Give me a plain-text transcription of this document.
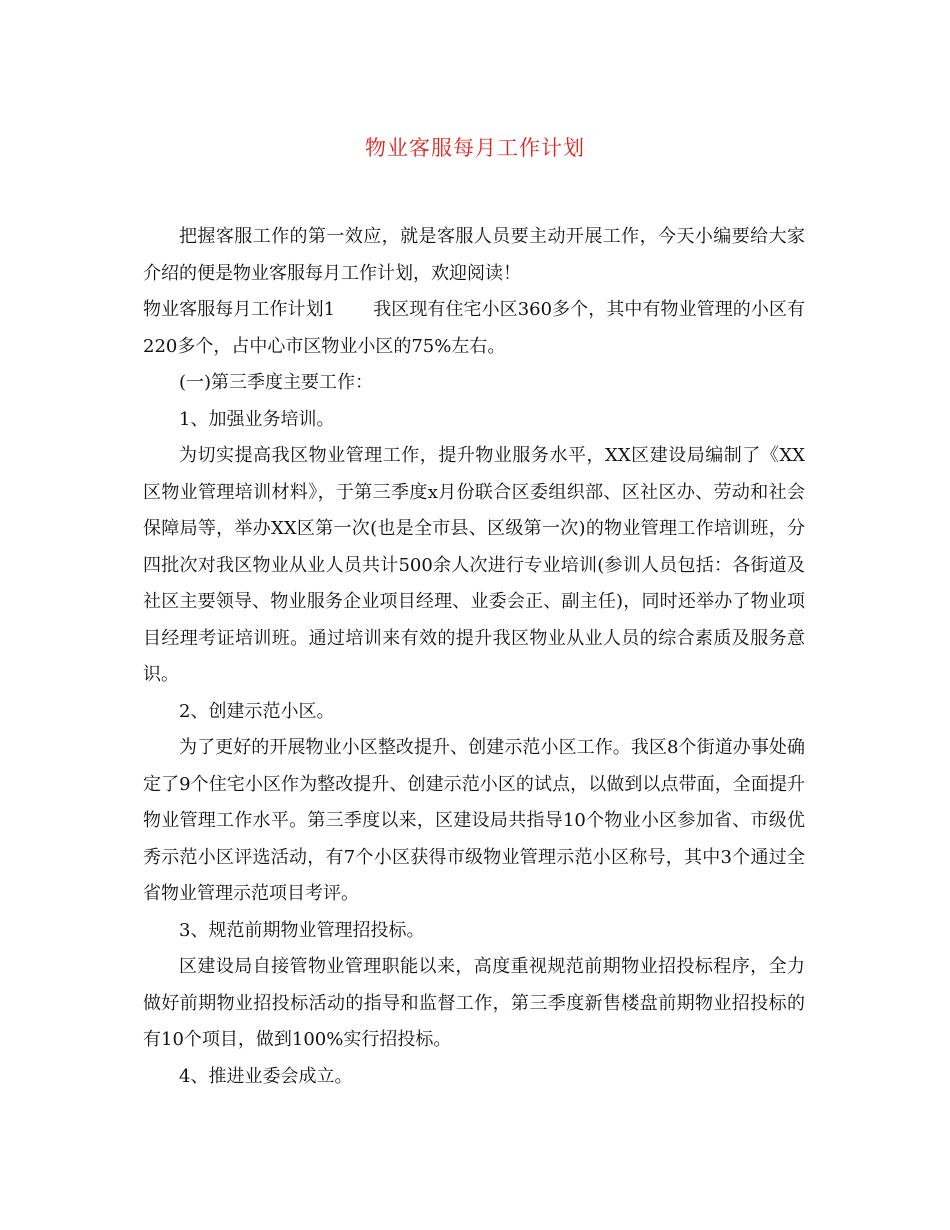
物业客服每月工作计划

把握客服工作的第一效应，就是客服人员要主动开展工作，今天小编要给大家介绍的便是物业客服每月工作计划，欢迎阅读！

物业客服每月工作计划1 我区现有住宅小区360多个，其中有物业管理的小区有220多个，占中心市区物业小区的75%左右。

(一)第三季度主要工作：

1、加强业务培训。

为切实提高我区物业管理工作，提升物业服务水平，XX区建设局编制了《XX区物业管理培训材料》，于第三季度x月份联合区委组织部、区社区办、劳动和社会保障局等，举办XX区第一次(也是全市县、区级第一次)的物业管理工作培训班，分四批次对我区物业从业人员共计500余人次进行专业培训(参训人员包括：各街道及社区主要领导、物业服务企业项目经理、业委会正、副主任)，同时还举办了物业项目经理考证培训班。通过培训来有效的提升我区物业从业人员的综合素质及服务意识。

2、创建示范小区。

为了更好的开展物业小区整改提升、创建示范小区工作。我区8个街道办事处确定了9个住宅小区作为整改提升、创建示范小区的试点，以做到以点带面，全面提升物业管理工作水平。第三季度以来，区建设局共指导10个物业小区参加省、市级优秀示范小区评选活动，有7个小区获得市级物业管理示范小区称号，其中3个通过全省物业管理示范项目考评。

3、规范前期物业管理招投标。

区建设局自接管物业管理职能以来，高度重视规范前期物业招投标程序，全力做好前期物业招投标活动的指导和监督工作，第三季度新售楼盘前期物业招投标的有10个项目，做到100%实行招投标。

4、推进业委会成立。
